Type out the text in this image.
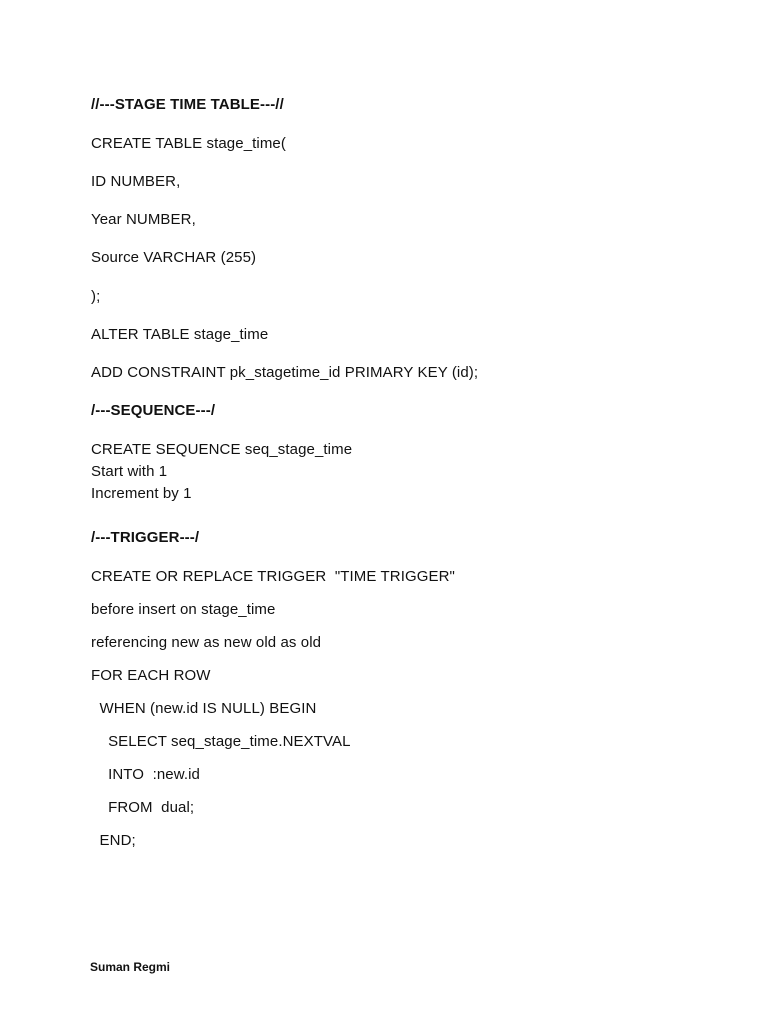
//---STAGE TIME TABLE---//
CREATE TABLE stage_time(
ID NUMBER,
Year NUMBER,
Source VARCHAR (255)
);
ALTER TABLE stage_time
ADD CONSTRAINT pk_stagetime_id PRIMARY KEY (id);
/---SEQUENCE---/
CREATE SEQUENCE seq_stage_time
Start with 1
Increment by 1
/---TRIGGER---/
CREATE OR REPLACE TRIGGER  "TIME TRIGGER"
before insert on stage_time
referencing new as new old as old
FOR EACH ROW
WHEN (new.id IS NULL) BEGIN
SELECT seq_stage_time.NEXTVAL
INTO  :new.id
FROM  dual;
END;
Suman Regmi
